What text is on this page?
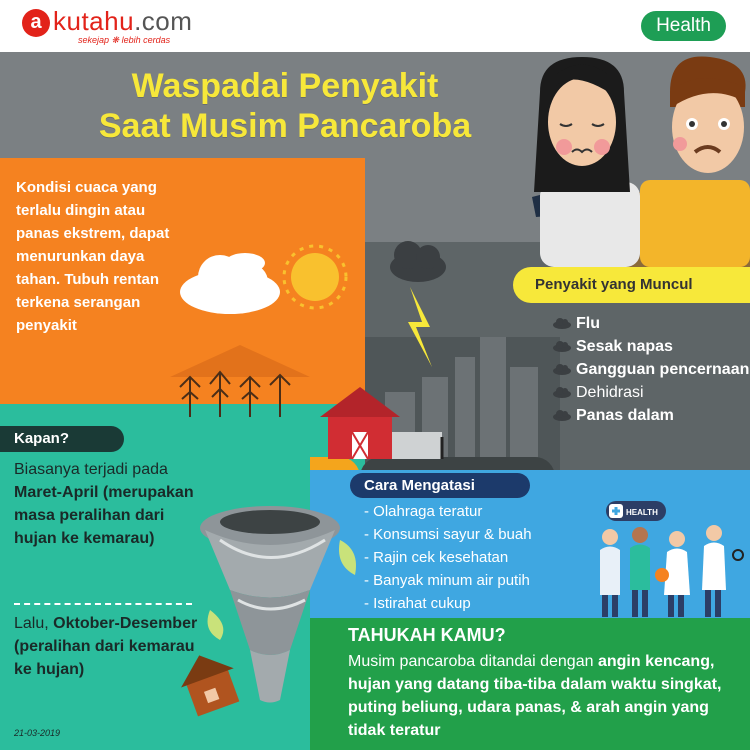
a kutahu.com
sekejap ❋ lebih cerdas
Health
Waspadai Penyakit
Saat Musim Pancaroba
Kondisi cuaca yang terlalu dingin atau panas ekstrem, dapat menurunkan daya tahan. Tubuh rentan terkena serangan penyakit
Penyakit yang Muncul
Flu
Sesak napas
Gangguan pencernaan
Dehidrasi
Panas dalam
Kapan?
Biasanya terjadi pada Maret-April (merupakan masa peralihan dari hujan ke kemarau)
Lalu, Oktober-Desember (peralihan dari kemarau ke hujan)
21-03-2019
Cara Mengatasi
- Olahraga teratur
- Konsumsi sayur & buah
- Rajin cek kesehatan
- Banyak minum air putih
- Istirahat cukup
HEALTH
TAHUKAH KAMU?
Musim pancaroba ditandai dengan angin kencang, hujan yang datang tiba-tiba dalam waktu singkat, puting beliung, udara panas, & arah angin yang tidak teratur
